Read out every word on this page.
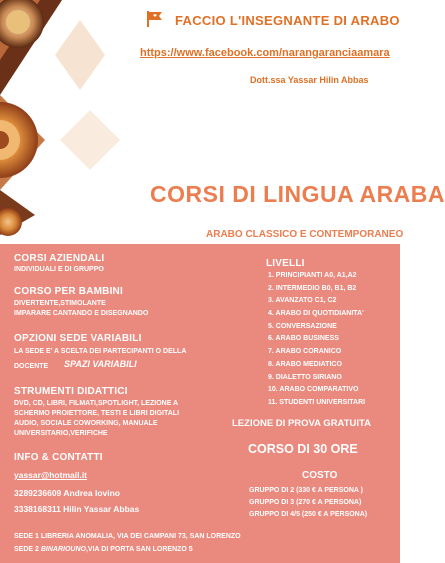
FACCIO L'INSEGNANTE DI ARABO
https://www.facebook.com/narangaranciaamara
Dott.ssa Yassar Hilin Abbas
CORSI DI LINGUA ARABA
ARABO CLASSICO E CONTEMPORANEO
CORSI AZIENDALI
INDIVIDUALI E DI GRUPPO
CORSO PER BAMBINI
DIVERTENTE,STIMOLANTE
IMPARARE CANTANDO E DISEGNANDO
OPZIONI SEDE VARIABILI
LA SEDE E' A SCELTA DEI PARTECIPANTI O DELLA
DOCENTE SPAZI VARIABILI
STRUMENTI DIDATTICI
DVD, CD, LIBRI, FILMATI,SPOTLIGHT, LEZIONE A
SCHERMO PROIETTORE, TESTI E LIBRI DIGITALI
AUDIO, SOCIALE COWORKING, MANUALE
UNIVERSITARIO,VERIFICHE
INFO & CONTATTI
yassar@hotmail.it
3289236609 Andrea Iovino
3338168311 Hilin Yassar Abbas
LIVELLI
1. PRINCIPIANTI A0, A1,A2
2. INTERMEDIO B0, B1, B2
3. AVANZATO C1, C2
4. ARABO DI QUOTIDIANITA'
5. CONVERSAZIONE
6. ARABO BUSINESS
7. ARABO CORANICO
8. ARABO MEDIATICO
9. DIALETTO SIRIANO
10. ARABO COMPARATIVO
11. STUDENTI UNIVERSITARI
LEZIONE DI PROVA GRATUITA
CORSO DI 30 ORE
COSTO
GRUPPO DI 2 (330 € A PERSONA )
GRUPPO DI 3 (270 € A PERSONA)
GRUPPO DI 4/5 (250 € A PERSONA)
SEDE 1 LIBRERIA ANOMALIA, VIA DEI CAMPANI 73, SAN LORENZO
SEDE 2 BINARIOUNO,VIA DI PORTA SAN LORENZO 5
